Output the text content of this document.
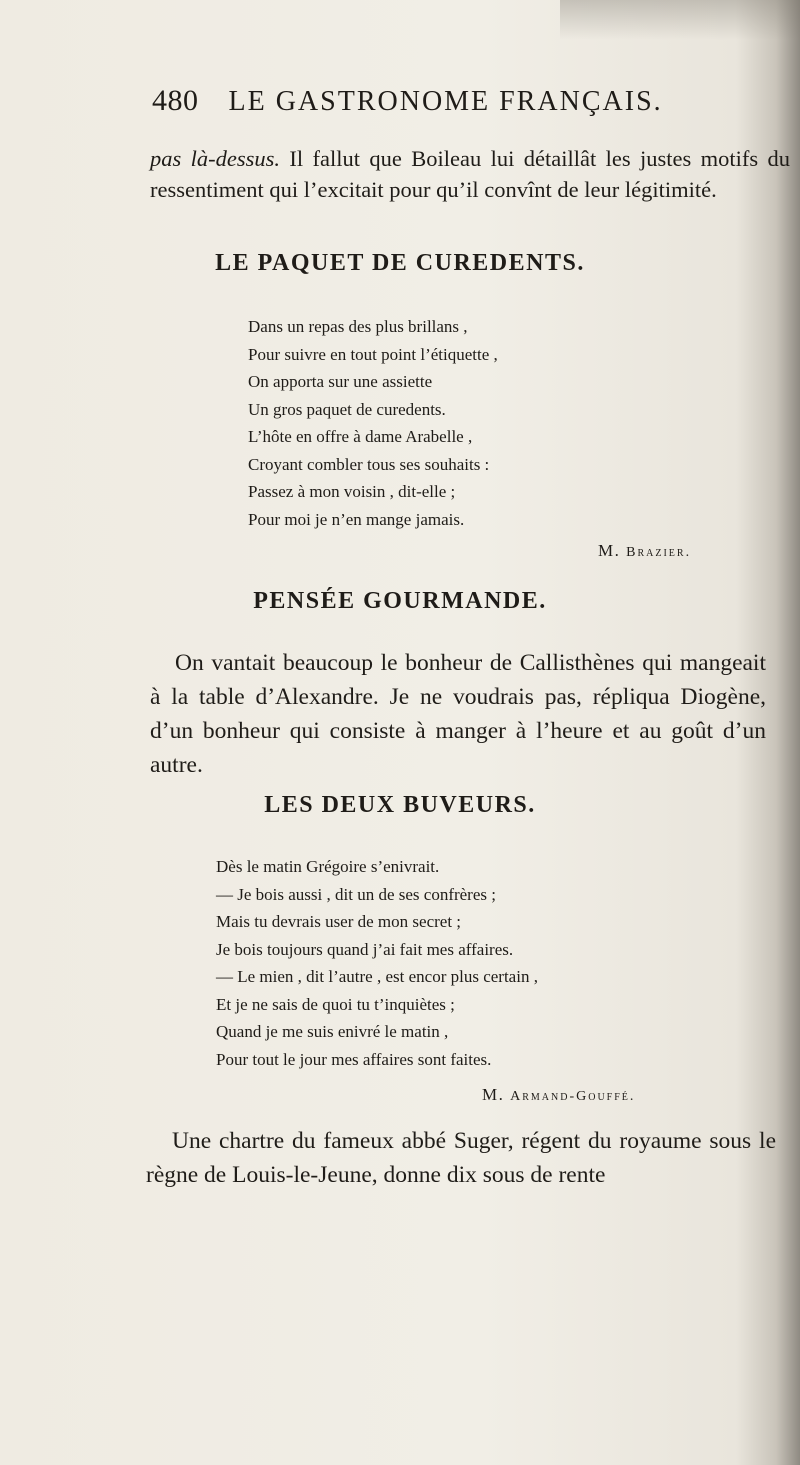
480 LE GASTRONOME FRANÇAIS.

pas là-dessus. Il fallut que Boileau lui détaillât les justes motifs du ressentiment qui l’excitait pour qu’il convînt de leur légitimité.

LE PAQUET DE CUREDENTS.
Dans un repas des plus brillans ,
Pour suivre en tout point l’étiquette ,
On apporta sur une assiette
Un gros paquet de curedents.
L’hôte en offre à dame Arabelle ,
Croyant combler tous ses souhaits :
Passez à mon voisin , dit-elle ;
Pour moi je n’en mange jamais.
M. Brazier.
PENSÉE GOURMANDE.

On vantait beaucoup le bonheur de Callisthènes qui mangeait à la table d’Alexandre. Je ne voudrais pas, répliqua Diogène, d’un bonheur qui consiste à manger à l’heure et au goût d’un autre.

LES DEUX BUVEURS.
Dès le matin Grégoire s’enivrait.
— Je bois aussi , dit un de ses confrères ;
Mais tu devrais user de mon secret ;
Je bois toujours quand j’ai fait mes affaires.
— Le mien , dit l’autre , est encor plus certain ,
Et je ne sais de quoi tu t’inquiètes ;
Quand je me suis enivré le matin ,
Pour tout le jour mes affaires sont faites.
M. Armand-Gouffé.

Une chartre du fameux abbé Suger, régent du royaume sous le règne de Louis-le-Jeune, donne dix sous de rente
